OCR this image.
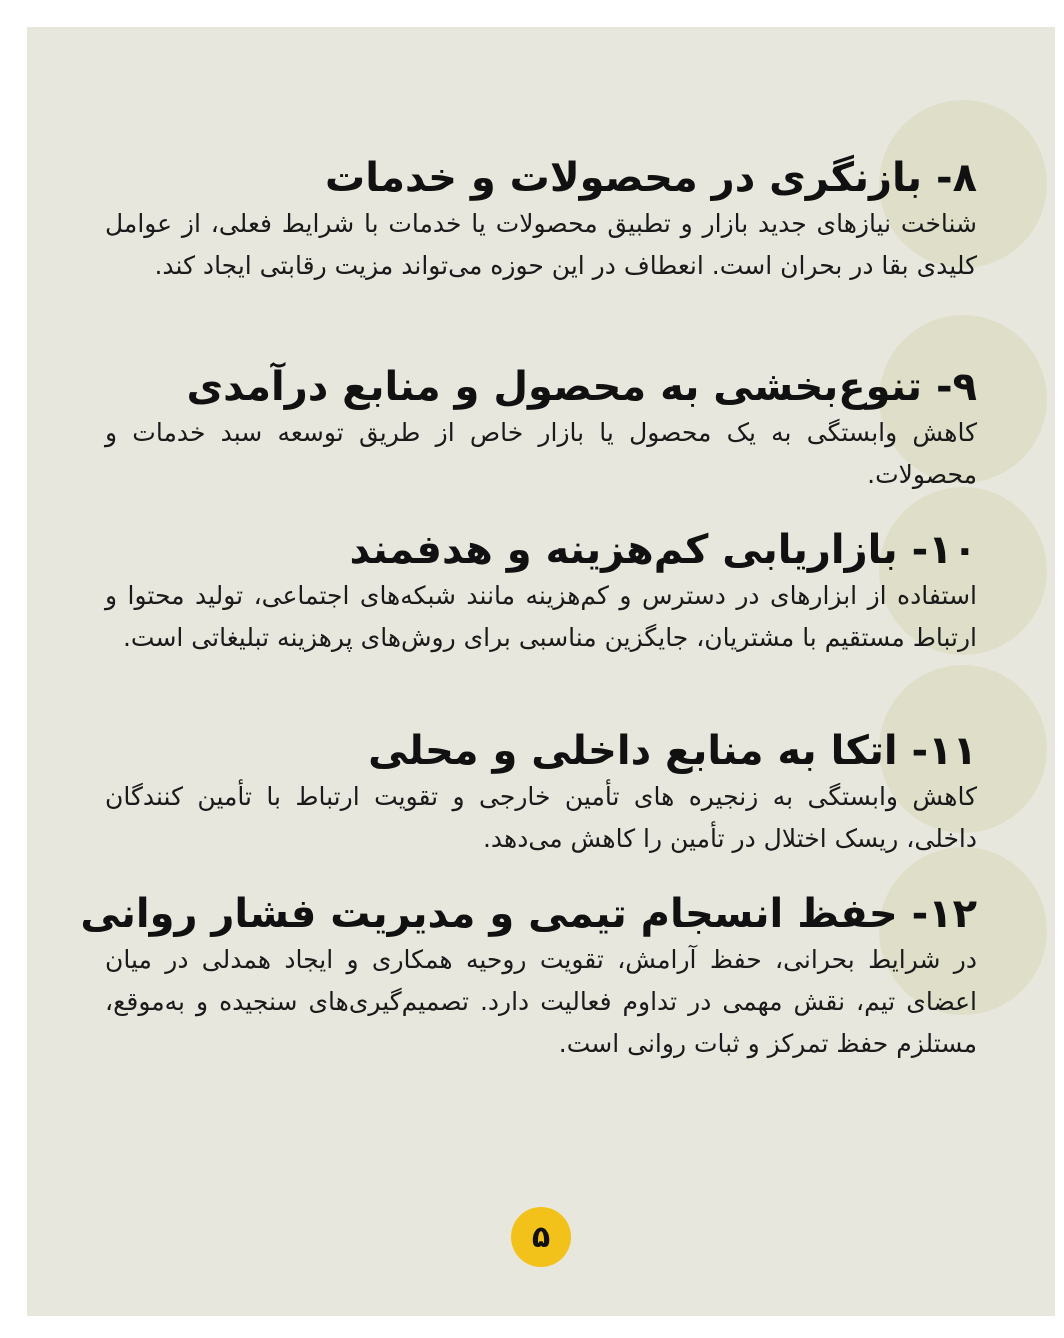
۸- بازنگری در محصولات و خدمات

شناخت نیازهای جدید بازار و تطبیق محصولات یا خدمات با شرایط فعلی، از عوامل کلیدی بقا در بحران است. انعطاف در این حوزه می‌تواند مزیت رقابتی ایجاد کند.

۹- تنوع‌بخشی به محصول و منابع درآمدی

کاهش وابستگی به یک محصول یا بازار خاص از طریق توسعه سبد خدمات و محصولات.

۱۰- بازاریابی کم‌هزینه و هدفمند

استفاده از ابزارهای در دسترس و کم‌هزینه مانند شبکه‌های اجتماعی، تولید محتوا و ارتباط مستقیم با مشتریان، جایگزین مناسبی برای روش‌های پرهزینه تبلیغاتی است.

۱۱- اتکا به منابع داخلی و محلی

کاهش وابستگی به زنجیره های تأمین خارجی و تقویت ارتباط با تأمین کنندگان داخلی، ریسک اختلال در تأمین را کاهش می‌دهد.

۱۲- حفظ انسجام تیمی و مدیریت فشار روانی

در شرایط بحرانی، حفظ آرامش، تقویت روحیه همکاری و ایجاد همدلی در میان اعضای تیم، نقش مهمی در تداوم فعالیت دارد. تصمیم‌گیری‌های سنجیده و به‌موقع، مستلزم حفظ تمرکز و ثبات روانی است.

۵
